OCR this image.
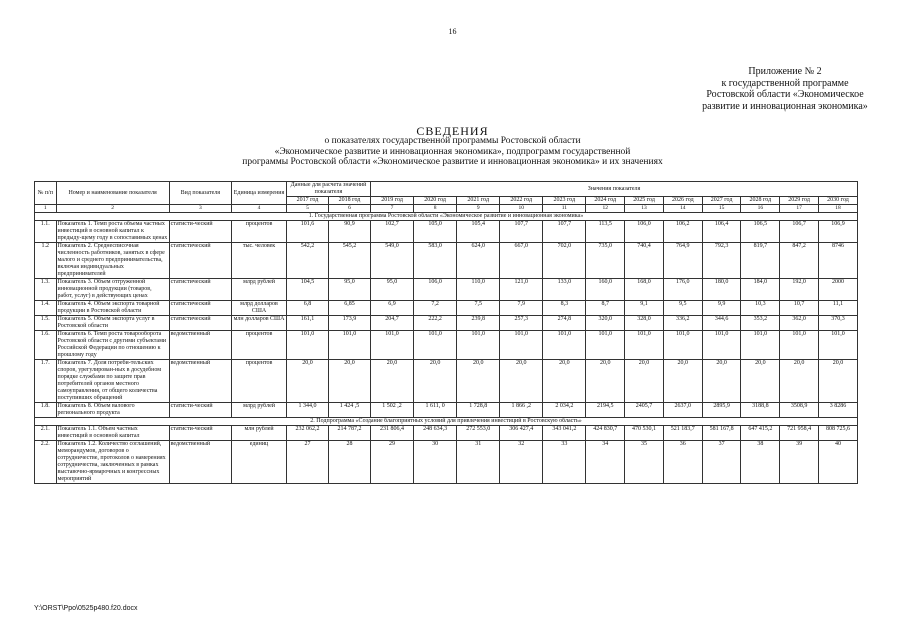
16
Приложение № 2
к государственной программе
Ростовской области «Экономическое
развитие и инновационная экономика»
СВЕДЕНИЯ
о показателях государственной программы Ростовской области
«Экономическое развитие и инновационная экономика», подпрограмм государственной
программы Ростовской области «Экономическое развитие и инновационная экономика» и их значениях
№ п/п	Номер и наименование показателя	Вид показателя	Единица измерения	Данные для расчета значений показателя		Значения показателя											
				2017 год	2018 год	2019 год	2020 год	2021 год	2022 год	2023 год	2024 год	2025 год	2026 год	2027 год	2028 год	2029 год	2030 год
1	2	3	4	5	6	7	8	9	10	11	12	13	14	15	16	17	18
1. Государственная программа Ростовской области «Экономическое развитие и инновационная экономика»																	
1.1.	Показатель 1. Темп роста объема частных инвестиций в основной капитал к предыду-щему году в сопоставимых ценах	статисти-ческий	процентов	101,6	90,9	102,7	105,0	105,4	107,7	107,7	113,5	106,0	106,2	106,4	106,5	106,7	106,9
1.2	Показатель 2. Среднесписочная численность работников, занятых в сфере малого и среднего предпринимательства, включая индивидуальных предпринимателей	статистический	тыс. человек	542,2	545,2	549,0	583,0	624,0	667,0	702,0	735,0	740,4	764,9	792,3	819,7	847,2	8746
1.3.	Показатель 3. Объем отгруженной инновационной продукции (товаров, работ, услуг) в действующих ценах	статистический	млрд рублей	104,5	95,0	95,0	106,0	110,0	121,0	133,0	160,0	168,0	176,0	180,0	184,0	192,0	2000
1.4.	Показатель 4. Объем экспорта товарной продукции в Ростовской области	статистический	млрд долларов США	6,8	6,85	6,9	7,2	7,5	7,9	8,3	8,7	9,1	9,5	9,9	10,3	10,7	11,1
1.5.	Показатель 5. Объем экспорта услуг в Ростовской области	статистический	млн долларов США	161,1	173,9	204,7	222,2	239,8	257,3	274,8	320,0	328,0	336,2	344,6	353,2	362,0	370,3
1.6.	Показатель 6. Темп роста товарооборота Ростовской области с другими субъектами Российской Федерации по отношению к прошлому году	ведомственный	процентов	101,0	101,0	101,0	101,0	101,0	101,0	101,0	101,0	101,0	101,0	101,0	101,0	101,0	101,0
1.7.	Показатель 7. Доля потреби-тельских споров, урегулирован-ных в досудебном порядке службами по защите прав потребителей органов местного самоуправления, от общего количества поступивших обращений	ведомственный	процентов	20,0	20,0	20,0	20,0	20,0	20,0	20,0	20,0	20,0	20,0	20,0	20,0	20,0	20,0
1.8.	Показатель 8. Объем валового регионального продукта	статисти-ческий	млрд рублей	1 344,0	1 424 ,5	1 502 ,2	1 611, 0	1 728,8	1 866 ,2	2 034,2	2194,5	2405,7	2637,0	2895,9	3188,8	3508,9	3 8286
2. Подпрограмма «Создание благоприятных условий для привлечения инвестиций в Ростовскую область»																	
2.1.	Показатель 1.1. Объем частных инвестиций в основной капитал	статисти-ческий	млн рублей	232 062,2	214 787,2	231 806,4	248 634,3	272 553,0	306 427,4	343 041,2	424 830,7	470 530,1	521 183,7	581 167,8	647 415,2	721 958,4	808 725,6
2.2.	Показатель 1.2. Количество соглашений, меморандумов, договоров о сотрудничестве, протоколов о намерениях сотрудничества, заключенных в рамках выставочно-ярмарочных и конгрессных мероприятий	ведомственный	единиц	27	28	29	30	31	32	33	34	35	36	37	38	39	40
Y:\ORST\Ppo\0525p480.f20.docx
